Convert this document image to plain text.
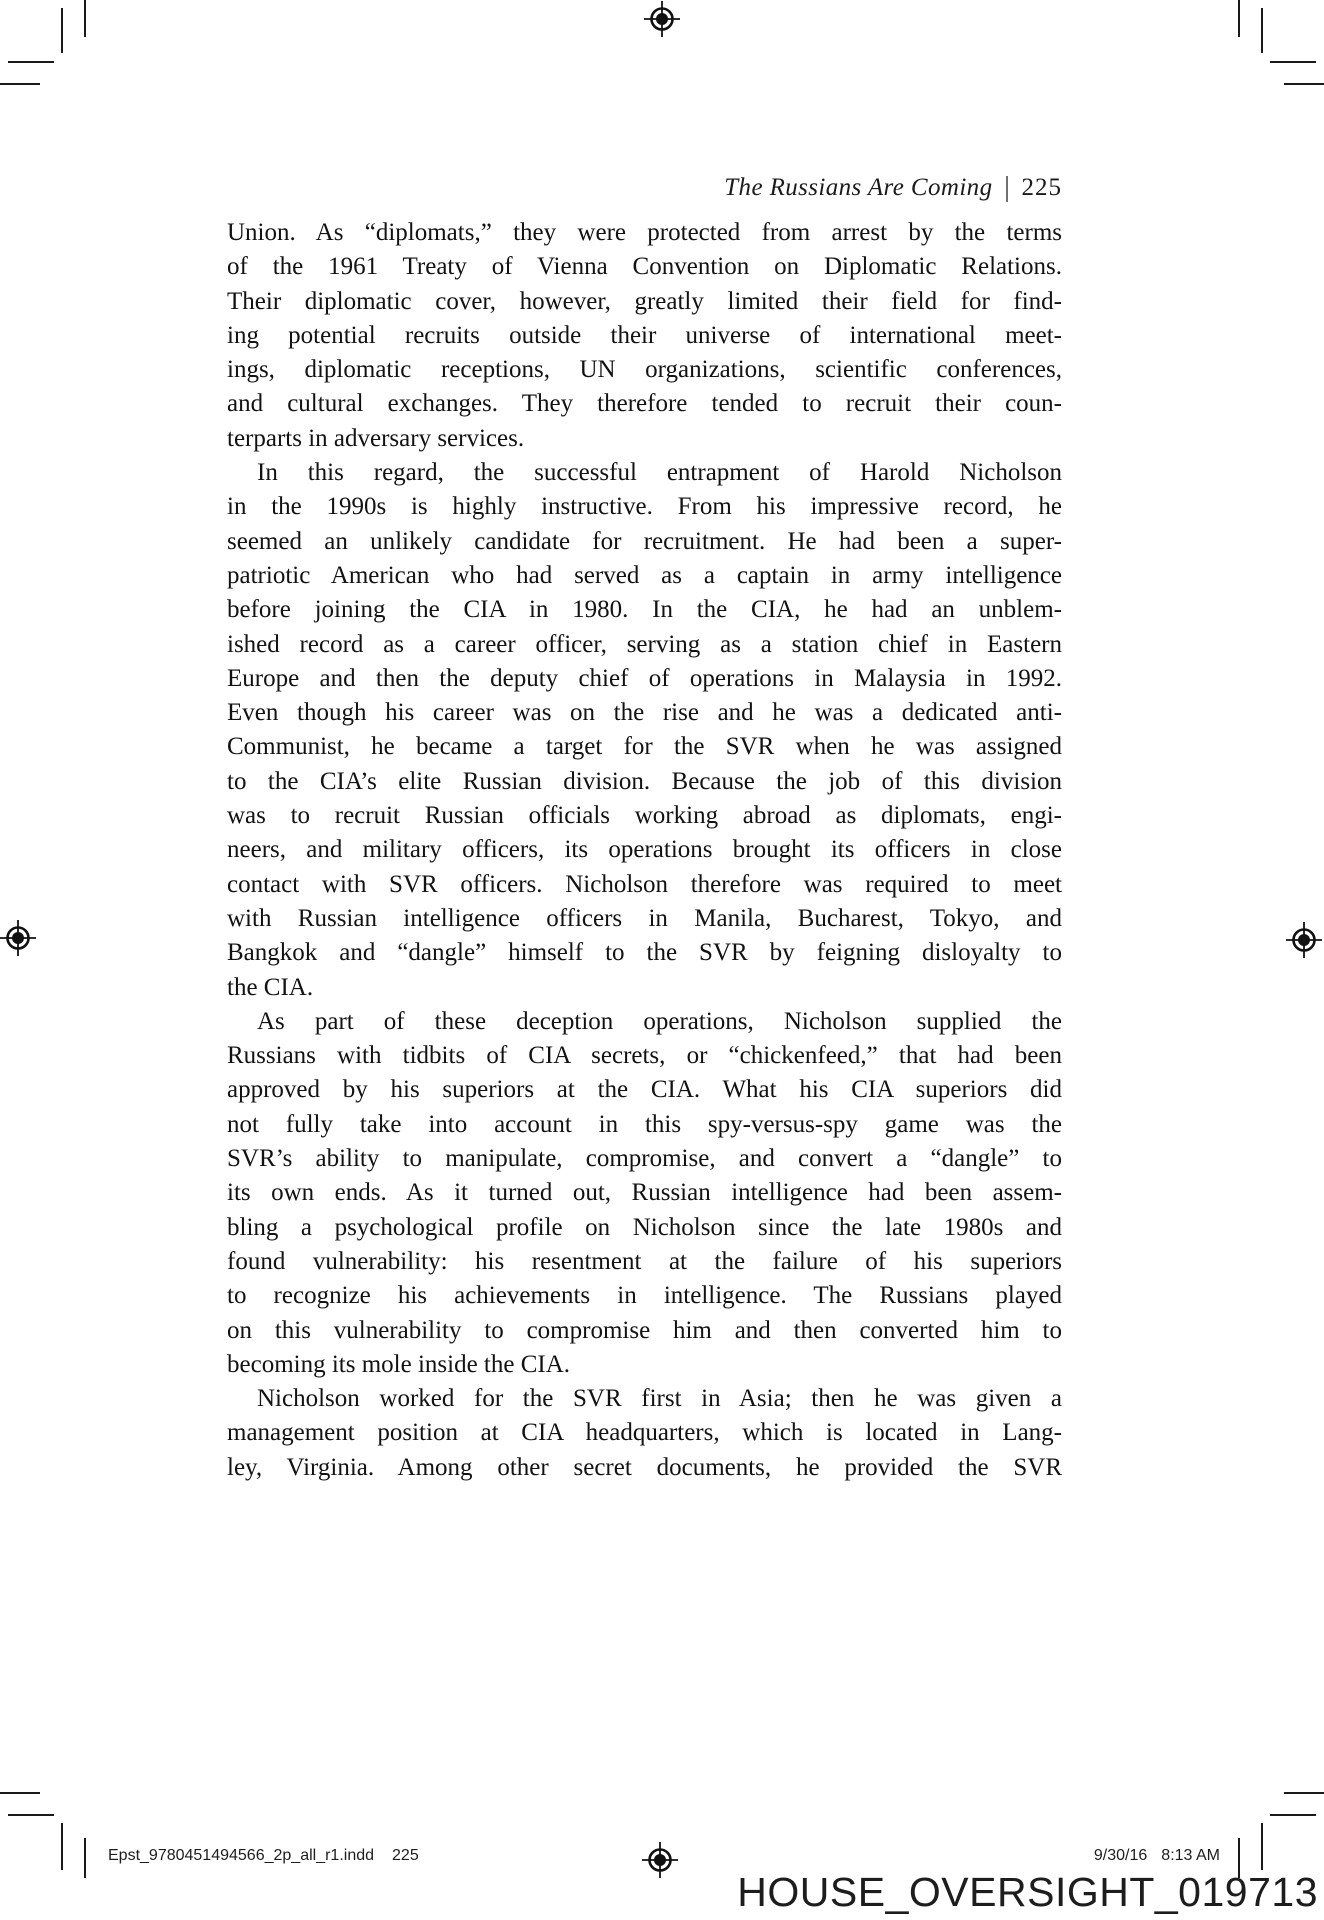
The Russians Are Coming | 225
Union. As “diplomats,” they were protected from arrest by the terms
of the 1961 Treaty of Vienna Convention on Diplomatic Relations.
Their diplomatic cover, however, greatly limited their field for find-
ing potential recruits outside their universe of international meet-
ings, diplomatic receptions, UN organizations, scientific conferences,
and cultural exchanges. They therefore tended to recruit their coun-
terparts in adversary services.
In this regard, the successful entrapment of Harold Nicholson
in the 1990s is highly instructive. From his impressive record, he
seemed an unlikely candidate for recruitment. He had been a super-
patriotic American who had served as a captain in army intelligence
before joining the CIA in 1980. In the CIA, he had an unblem-
ished record as a career officer, serving as a station chief in Eastern
Europe and then the deputy chief of operations in Malaysia in 1992.
Even though his career was on the rise and he was a dedicated anti-
Communist, he became a target for the SVR when he was assigned
to the CIA’s elite Russian division. Because the job of this division
was to recruit Russian officials working abroad as diplomats, engi-
neers, and military officers, its operations brought its officers in close
contact with SVR officers. Nicholson therefore was required to meet
with Russian intelligence officers in Manila, Bucharest, Tokyo, and
Bangkok and “dangle” himself to the SVR by feigning disloyalty to
the CIA.
As part of these deception operations, Nicholson supplied the
Russians with tidbits of CIA secrets, or “chickenfeed,” that had been
approved by his superiors at the CIA. What his CIA superiors did
not fully take into account in this spy-versus-spy game was the
SVR’s ability to manipulate, compromise, and convert a “dangle” to
its own ends. As it turned out, Russian intelligence had been assem-
bling a psychological profile on Nicholson since the late 1980s and
found vulnerability: his resentment at the failure of his superiors
to recognize his achievements in intelligence. The Russians played
on this vulnerability to compromise him and then converted him to
becoming its mole inside the CIA.
Nicholson worked for the SVR first in Asia; then he was given a
management position at CIA headquarters, which is located in Lang-
ley, Virginia. Among other secret documents, he provided the SVR
Epst_9780451494566_2p_all_r1.indd 225	9/30/16 8:13 AM
HOUSE_OVERSIGHT_019713
